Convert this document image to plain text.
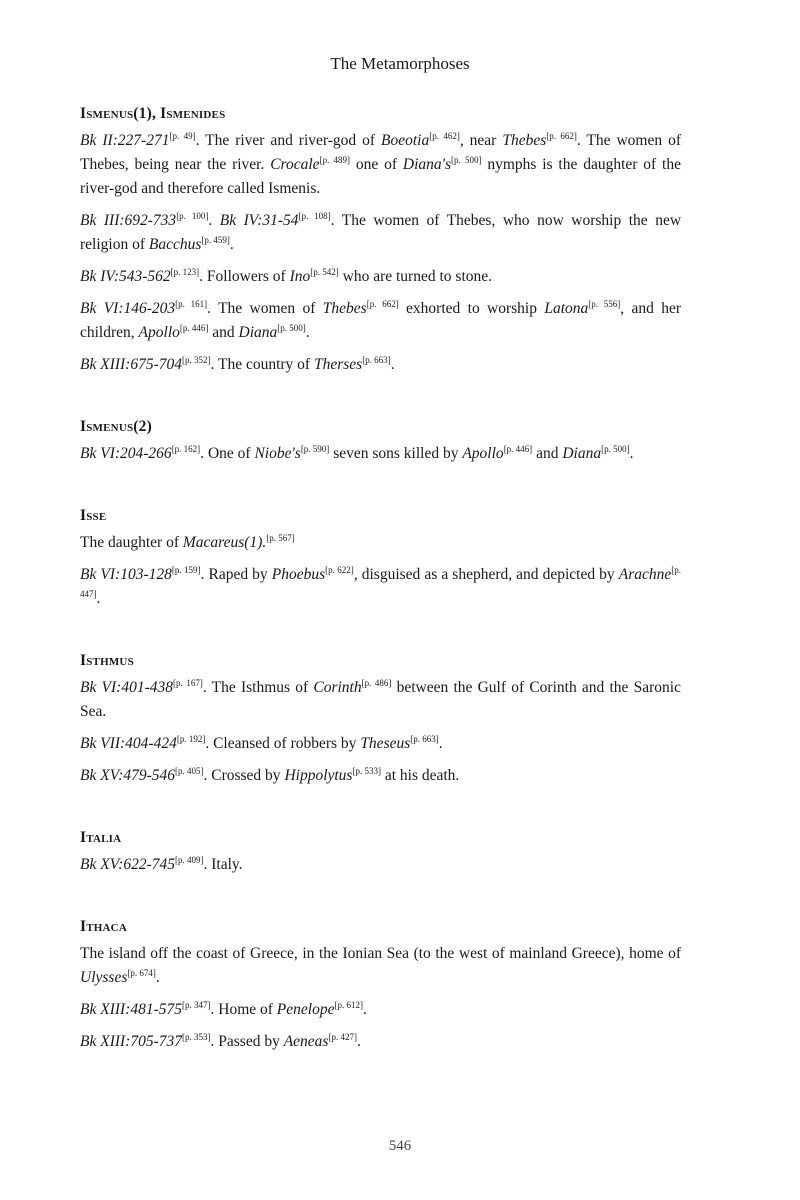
The Metamorphoses
Ismenus(1), Ismenides
Bk II:227-271[p. 49]. The river and river-god of Boeotia[p. 462], near Thebes[p. 662]. The women of Thebes, being near the river. Crocale[p. 489] one of Diana's[p. 500] nymphs is the daughter of the river-god and therefore called Ismenis.
Bk III:692-733[p. 100]. Bk IV:31-54[p. 108]. The women of Thebes, who now worship the new religion of Bacchus[p. 459].
Bk IV:543-562[p. 123]. Followers of Ino[p. 542] who are turned to stone.
Bk VI:146-203[p. 161]. The women of Thebes[p. 662] exhorted to worship Latona[p. 556], and her children, Apollo[p. 446] and Diana[p. 500].
Bk XIII:675-704[p. 352]. The country of Therses[p. 663].
Ismenus(2)
Bk VI:204-266[p. 162]. One of Niobe's[p. 590] seven sons killed by Apollo[p. 446] and Diana[p. 500].
Isse
The daughter of Macareus(1).[p. 567]
Bk VI:103-128[p. 159]. Raped by Phoebus[p. 622], disguised as a shepherd, and depicted by Arachne[p. 447].
Isthmus
Bk VI:401-438[p. 167]. The Isthmus of Corinth[p. 486] between the Gulf of Corinth and the Saronic Sea.
Bk VII:404-424[p. 192]. Cleansed of robbers by Theseus[p. 663].
Bk XV:479-546[p. 405]. Crossed by Hippolytus[p. 533] at his death.
Italia
Bk XV:622-745[p. 409]. Italy.
Ithaca
The island off the coast of Greece, in the Ionian Sea (to the west of mainland Greece), home of Ulysses[p. 674].
Bk XIII:481-575[p. 347]. Home of Penelope[p. 612].
Bk XIII:705-737[p. 353]. Passed by Aeneas[p. 427].
546
